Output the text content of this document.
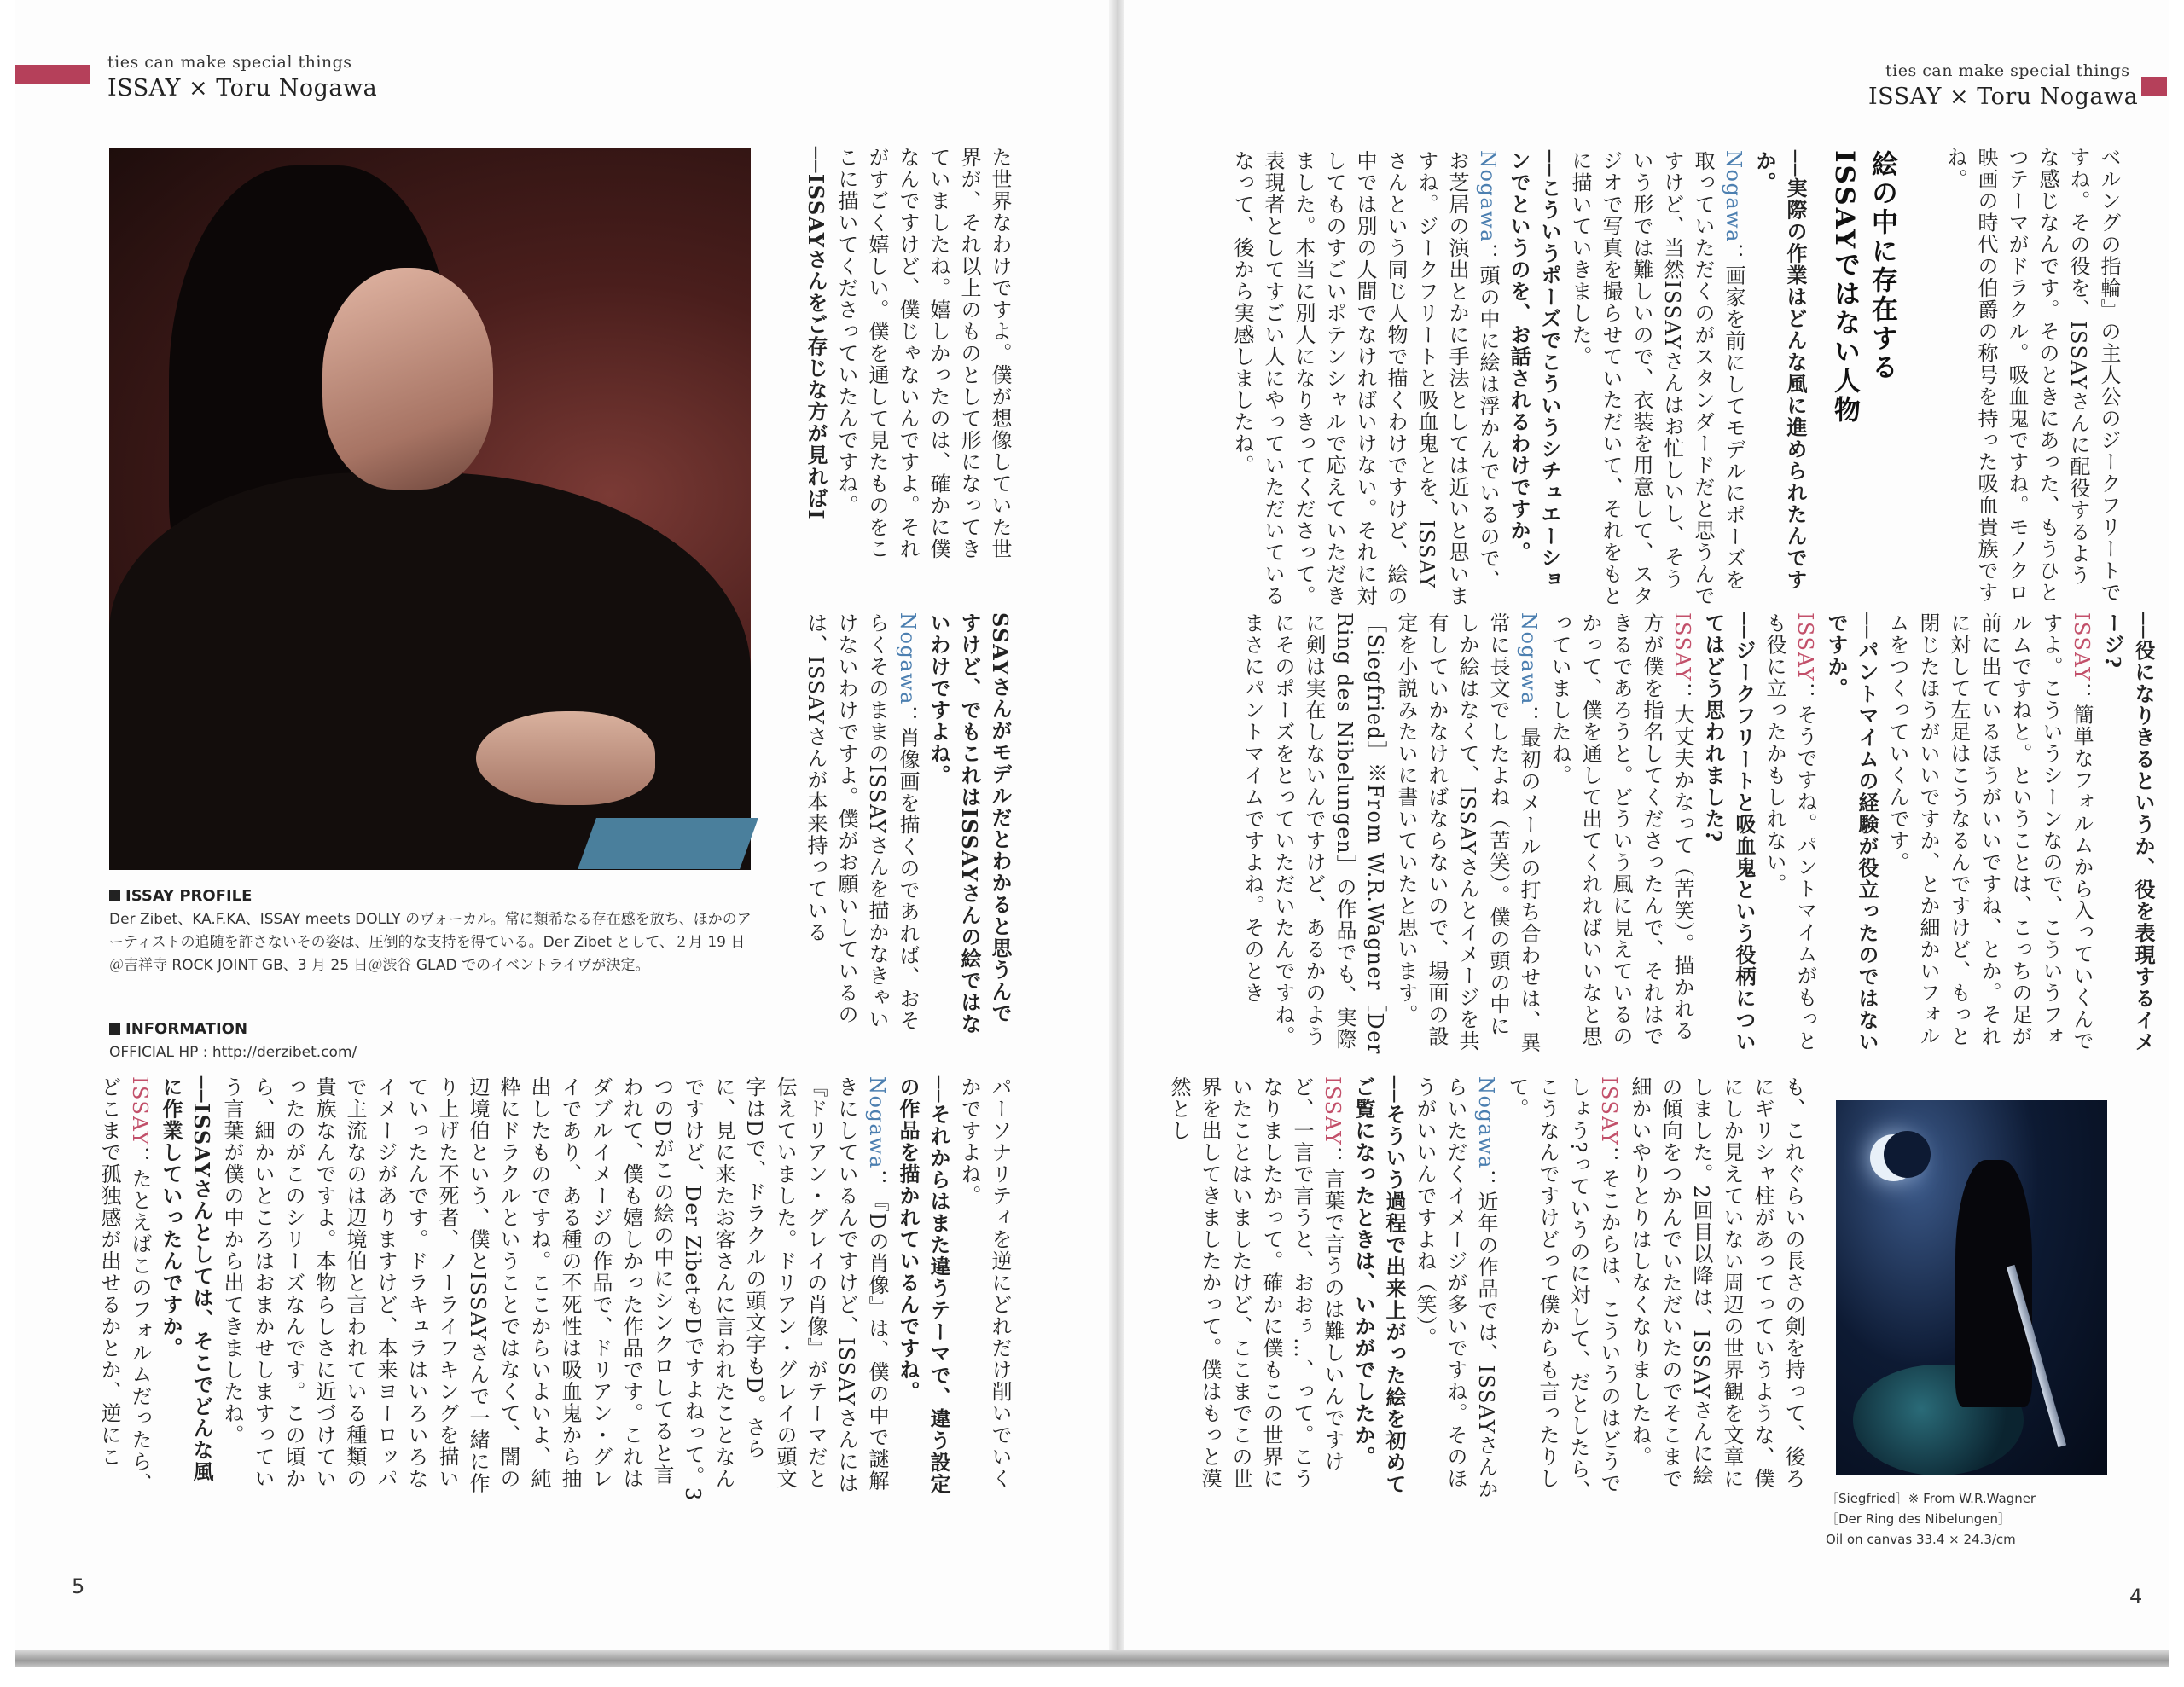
ties can make special things
ISSAY × Toru Nogawa
ISSAY PROFILE
Der Zibet、KA.F.KA、ISSAY meets DOLLY のヴォーカル。常に類希なる存在感を放ち、ほかのアーティストの追随を許さないその姿は、圧倒的な支持を得ている。Der Zibet として、２月 19 日＠吉祥寺 ROCK JOINT GB、3 月 25 日＠渋谷 GLAD でのイベントライヴが決定。
INFORMATION
OFFICIAL HP : http://derzibet.com/

た世界なわけですよ。僕が想像していた世界が、それ以上のものとして形になってきていましたね。嬉しかったのは、確かに僕なんですけど、僕じゃないんですよ。それがすごく嬉しい。僕を通して見たものをここに描いてくださっていたんですね。

──ISSAYさんをご存じな方が見ればI

SSAYさんがモデルだとわかると思うんですけど、でもこれはISSAYさんの絵ではないわけですよね。

Nogawa：肖像画を描くのであれば、おそらくそのままのISSAYさんを描かなきゃいけないわけですよ。僕がお願いしているのは、ISSAYさんが本来持っている

パーソナリティを逆にどれだけ削いでいくかですよね。

──それからはまた違うテーマで、違う設定の作品を描かれているんですね。

Nogawa：『Dの肖像』は、僕の中で謎解きにしているんですけど、ISSAYさんには『ドリアン・グレイの肖像』がテーマだと伝えていました。ドリアン・グレイの頭文字はDで、ドラクルの頭文字もD。さらに、見に来たお客さんに言われたことなんですけど、Der ZibetもDですよねって。3つのDがこの絵の中にシンクロしてると言われて、僕も嬉しかった作品です。これはダブルイメージの作品で、ドリアン・グレイであり、ある種の不死性は吸血鬼から抽出したものですね。ここからいよいよ、純粋にドラクルということではなくて、闇の辺境伯という、僕とISSAYさんで一緒に作り上げた不死者、ノーライフキングを描いていったんです。ドラキュラはいろいろなイメージがありますけど、本来ヨーロッパで主流なのは辺境伯と言われている種類の貴族なんですよ。本物らしさに近づけていったのがこのシリーズなんです。この頃から、細かいところはおまかせしますっていう言葉が僕の中から出てきましたね。

──ISSAYさんとしては、そこでどんな風に作業していったんですか。

ISSAY：たとえばこのフォルムだったら、どこまで孤独感が出せるかとか、逆にこ

5
ties can make special things
ISSAY × Toru Nogawa

ベルングの指輪』の主人公のジークフリートですね。その役を、ISSAYさんに配役するような感じなんです。そのときにあった、もうひとつテーマがドラクル。吸血鬼ですね。モノクロ映画の時代の伯爵の称号を持った吸血貴族ですね。

絵の中に存在する
ISSAYではない人物

──実際の作業はどんな風に進められたんですか。

Nogawa：画家を前にしてモデルにポーズを取っていただくのがスタンダードだと思うんですけど、当然ISSAYさんはお忙しいし、そういう形では難しいので、衣装を用意して、スタジオで写真を撮らせていただいて、それをもとに描いていきました。

──こういうポーズでこういうシチュエーションでというのを、お話されるわけですか。

Nogawa：頭の中に絵は浮かんでいるので、お芝居の演出とかに手法としては近いと思いますね。ジークフリートと吸血鬼とを、ISSAYさんという同じ人物で描くわけですけど、絵の中では別の人間でなければいけない。それに対してものすごいポテンシャルで応えていただきました。本当に別人になりきってくださって。表現者としてすごい人にやっていただいているなって、後から実感しましたね。

──役になりきるというか、役を表現するイメージ?

ISSAY：簡単なフォルムから入っていくんですよ。こういうシーンなので、こういうフォルムですねと。ということは、こっちの足が前に出ているほうがいいですね、とか。それに対して左足はこうなるんですけど、もっと閉じたほうがいいですか、とか細かいフォルムをつくっていくんです。

──パントマイムの経験が役立ったのではないですか。

ISSAY：そうですね。パントマイムがもっとも役に立ったかもしれない。

──ジークフリートと吸血鬼という役柄についてはどう思われました?

ISSAY：大丈夫かなって（苦笑）。描かれる方が僕を指名してくださったんで、それはできるであろうと。どういう風に見えているのかって、僕を通して出てくれればいいなと思っていましたね。

Nogawa：最初のメールの打ち合わせは、異常に長文でしたよね（苦笑）。僕の頭の中にしか絵はなくて、ISSAYさんとイメージを共有していかなければならないので、場面の設定を小説みたいに書いていたと思います。［Siegfried］※From W.R.Wagner［Der Ring des Nibelungen］の作品でも、実際に剣は実在しないんですけど、あるかのようにそのポーズをとっていただいたんですね。まさにパントマイムですよね。そのとき

も、これぐらいの長さの剣を持って、後ろにギリシャ柱があってっていうような、僕にしか見えていない周辺の世界観を文章にしました。2回目以降は、ISSAYさんに絵の傾向をつかんでいただいたのでそこまで細かいやりとりはしなくなりましたね。

ISSAY：そこからは、こういうのはどうでしょう?っていうのに対して、だとしたら、こうなんですけどって僕からも言ったりして。

Nogawa：近年の作品では、ISSAYさんからいただくイメージが多いですね。そのほうがいいんですよね（笑）。

──そういう過程で出来上がった絵を初めてご覧になったときは、いかがでしたか。

ISSAY：言葉で言うのは難しいんですけど、一言で言うと、おおぅ…、って。こうなりましたかって。確かに僕もこの世界にいたことはいましたけど、ここまでこの世界を出してきましたかって。僕はもっと漠然とし

［Siegfried］※ From W.R.Wagner
［Der Ring des Nibelungen］
Oil on canvas 33.4 × 24.3/cm
4
